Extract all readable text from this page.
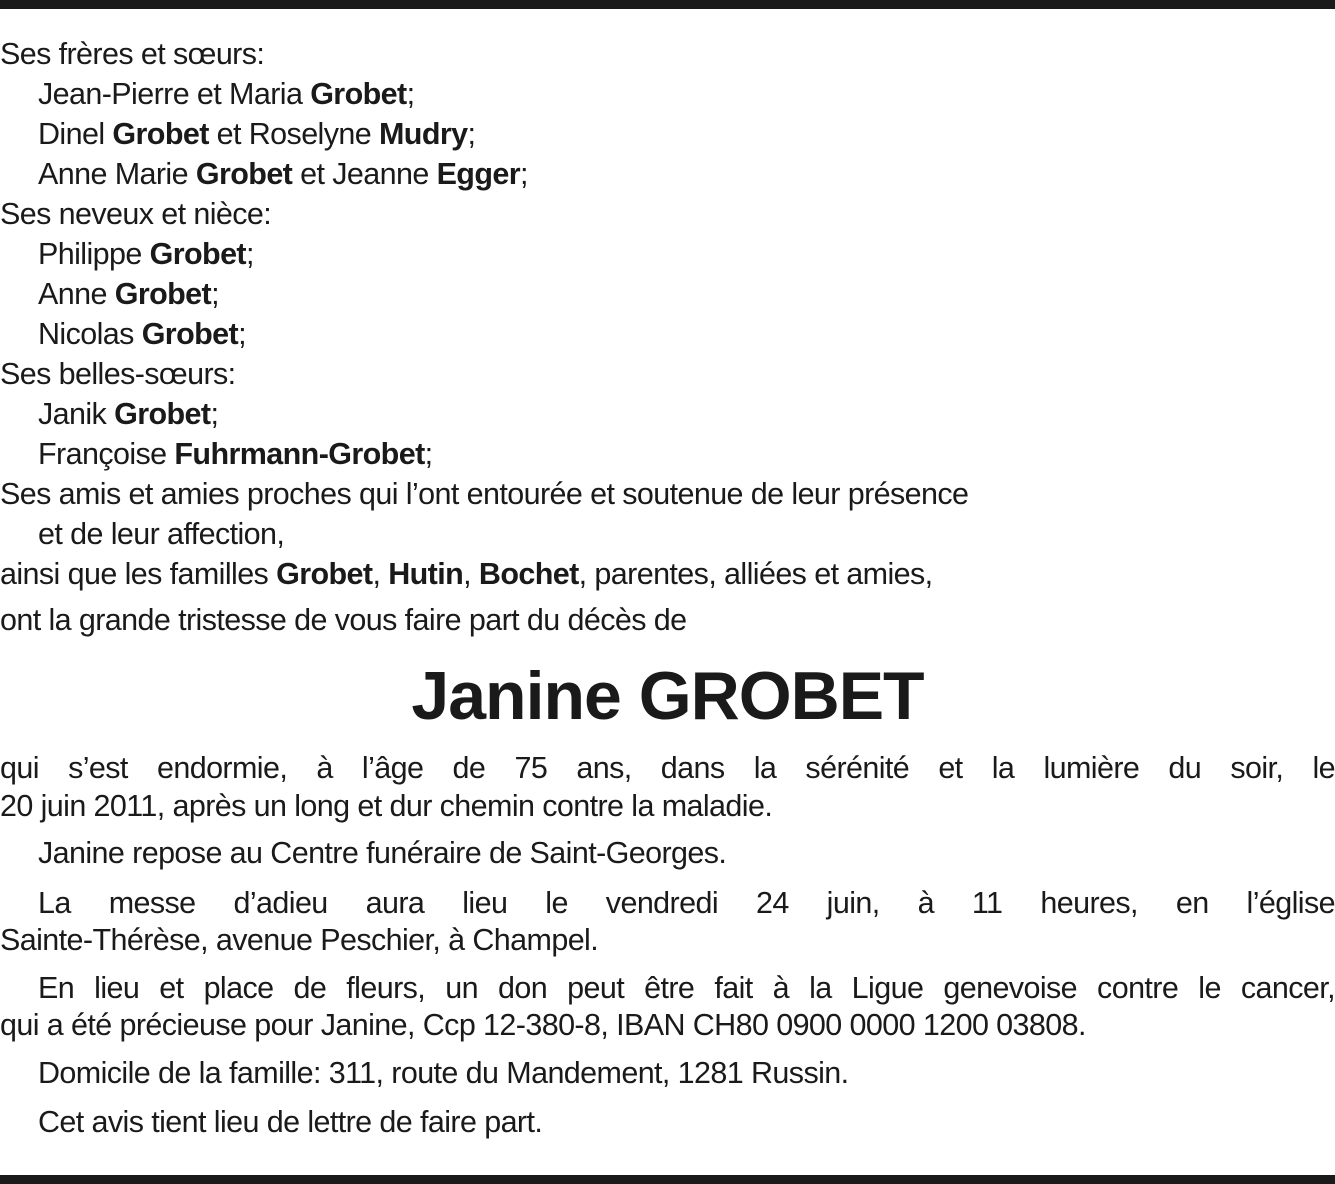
Ses frères et sœurs:
Jean-Pierre et Maria Grobet;
Dinel Grobet et Roselyne Mudry;
Anne Marie Grobet et Jeanne Egger;
Ses neveux et nièce:
Philippe Grobet;
Anne Grobet;
Nicolas Grobet;
Ses belles-sœurs:
Janik Grobet;
Françoise Fuhrmann-Grobet;
Ses amis et amies proches qui l’ont entourée et soutenue de leur présence
et de leur affection,
ainsi que les familles Grobet, Hutin, Bochet, parentes, alliées et amies,
ont la grande tristesse de vous faire part du décès de
Janine GROBET
qui s’est endormie, à l’âge de 75 ans, dans la sérénité et la lumière du soir, le
20 juin 2011, après un long et dur chemin contre la maladie.
Janine repose au Centre funéraire de Saint-Georges.
La messe d’adieu aura lieu le vendredi 24 juin, à 11 heures, en l’église
Sainte-Thérèse, avenue Peschier, à Champel.
En lieu et place de fleurs, un don peut être fait à la Ligue genevoise contre le cancer,
qui a été précieuse pour Janine, Ccp 12-380-8, IBAN CH80 0900 0000 1200 03808.
Domicile de la famille: 311, route du Mandement, 1281 Russin.
Cet avis tient lieu de lettre de faire part.
